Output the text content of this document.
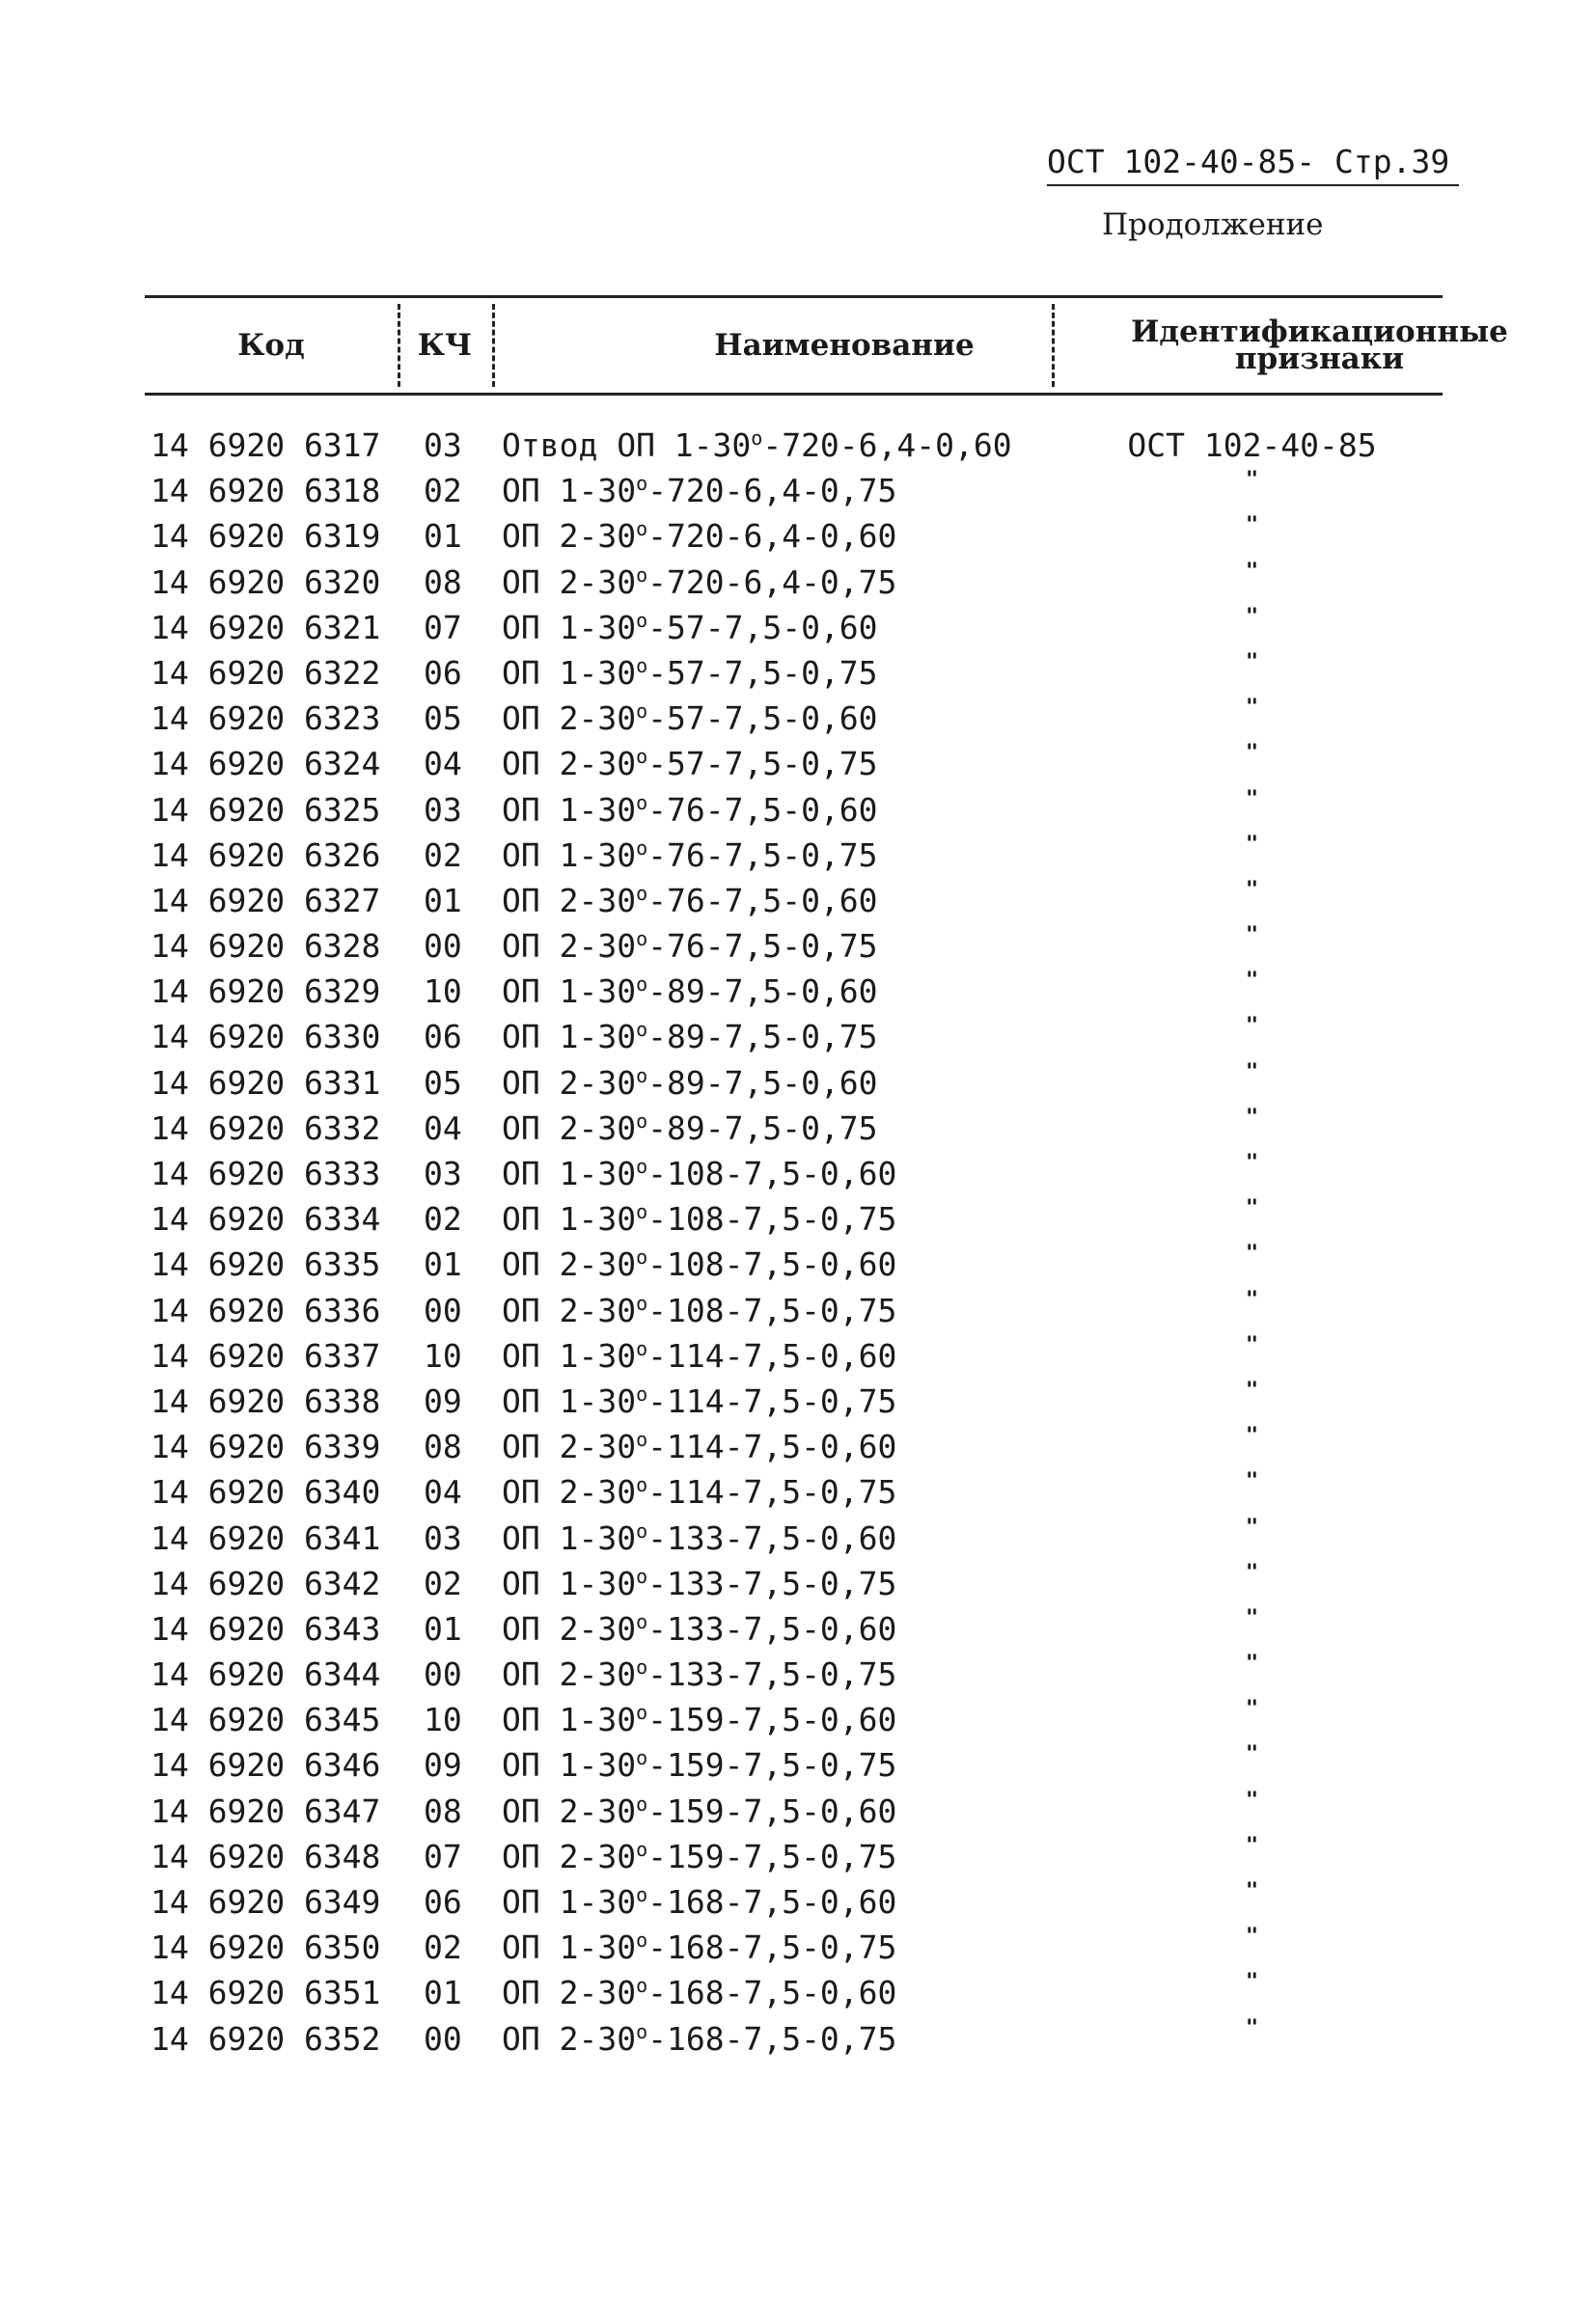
ОСТ 102-40-85- Стр.39
Продолжение
Код	КЧ	Наименование	Идентификационные
признаки
14 6920 6317 03 Отвод ОП $1-30^о-720-6,4-0,60$	ОСТ 102-40-85
14 6920 6318 02 ОП $1-30^о-720-6,4-0,75$	"
14 6920 6319 01 ОП $2-30^о-720-6,4-0,60$	"
14 6920 6320 08 ОП $2-30^о-720-6,4-0,75$	"
14 6920 6321 07 ОП $1-30^о-57-7,5-0,60$	"
14 6920 6322 06 ОП $1-30^о-57-7,5-0,75$	"
14 6920 6323 05 ОП $2-30^о-57-7,5-0,60$	"
14 6920 6324 04 ОП $2-30^о-57-7,5-0,75$	"
14 6920 6325 03 ОП $1-30^о-76-7,5-0,60$	"
14 6920 6326 02 ОП $1-30^о-76-7,5-0,75$	"
14 6920 6327 01 ОП $2-30^о-76-7,5-0,60$	"
14 6920 6328 00 ОП $2-30^о-76-7,5-0,75$	"
14 6920 6329 10 ОП $1-30^о-89-7,5-0,60$	"
14 6920 6330 06 ОП $1-30^о-89-7,5-0,75$	"
14 6920 6331 05 ОП $2-30^о-89-7,5-0,60$	"
14 6920 6332 04 ОП $2-30^о-89-7,5-0,75$	"
14 6920 6333 03 ОП $1-30^о-108-7,5-0,60$	"
14 6920 6334 02 ОП $1-30^о-108-7,5-0,75$	"
14 6920 6335 01 ОП $2-30^о-108-7,5-0,60$	"
14 6920 6336 00 ОП $2-30^о-108-7,5-0,75$	"
14 6920 6337 10 ОП $1-30^о-114-7,5-0,60$	"
14 6920 6338 09 ОП $1-30^о-114-7,5-0,75$	"
14 6920 6339 08 ОП $2-30^о-114-7,5-0,60$	"
14 6920 6340 04 ОП $2-30^о-114-7,5-0,75$	"
14 6920 6341 03 ОП $1-30^о-133-7,5-0,60$	"
14 6920 6342 02 ОП $1-30^о-133-7,5-0,75$	"
14 6920 6343 01 ОП $2-30^о-133-7,5-0,60$	"
14 6920 6344 00 ОП $2-30^о-133-7,5-0,75$	"
14 6920 6345 10 ОП $1-30^о-159-7,5-0,60$	"
14 6920 6346 09 ОП $1-30^о-159-7,5-0,75$	"
14 6920 6347 08 ОП $2-30^о-159-7,5-0,60$	"
14 6920 6348 07 ОП $2-30^о-159-7,5-0,75$	"
14 6920 6349 06 ОП $1-30^о-168-7,5-0,60$	"
14 6920 6350 02 ОП $1-30^о-168-7,5-0,75$	"
14 6920 6351 01 ОП $2-30^о-168-7,5-0,60$	"
14 6920 6352 00 ОП $2-30^о-168-7,5-0,75$	"
